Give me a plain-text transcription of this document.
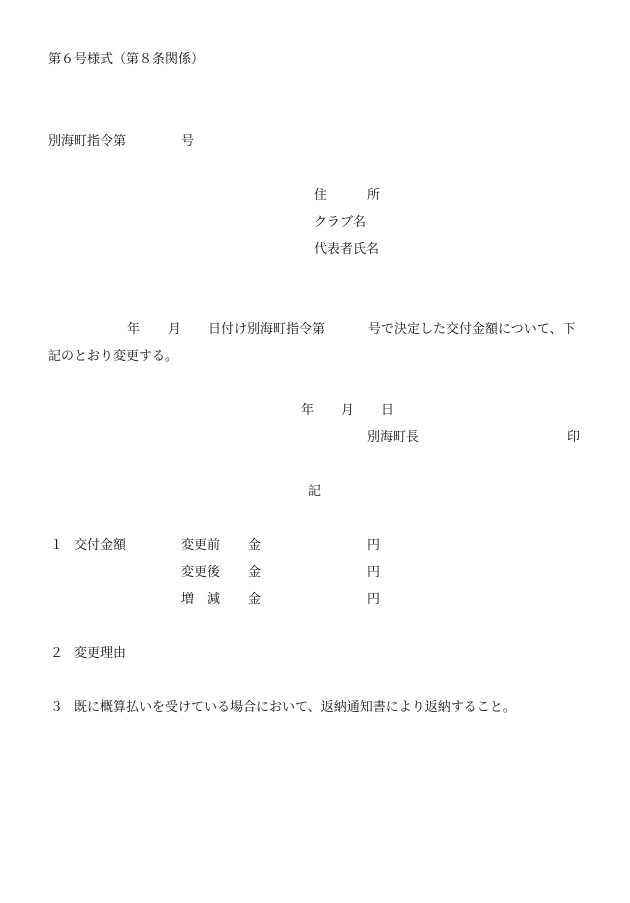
第６号様式（第８条関係）
別海町指令第	号
住	所
クラブ名
代表者氏名
年 月 日付け別海町指令第	号で決定した交付金額について、下
記のとおり変更する。
年 月 日
別海町長	印
記
１ 交付金額	変更前 金	円
変更後 金	円
増 減 金	円
２ 変更理由
３ 既に概算払いを受けている場合において、返納通知書により返納すること。
